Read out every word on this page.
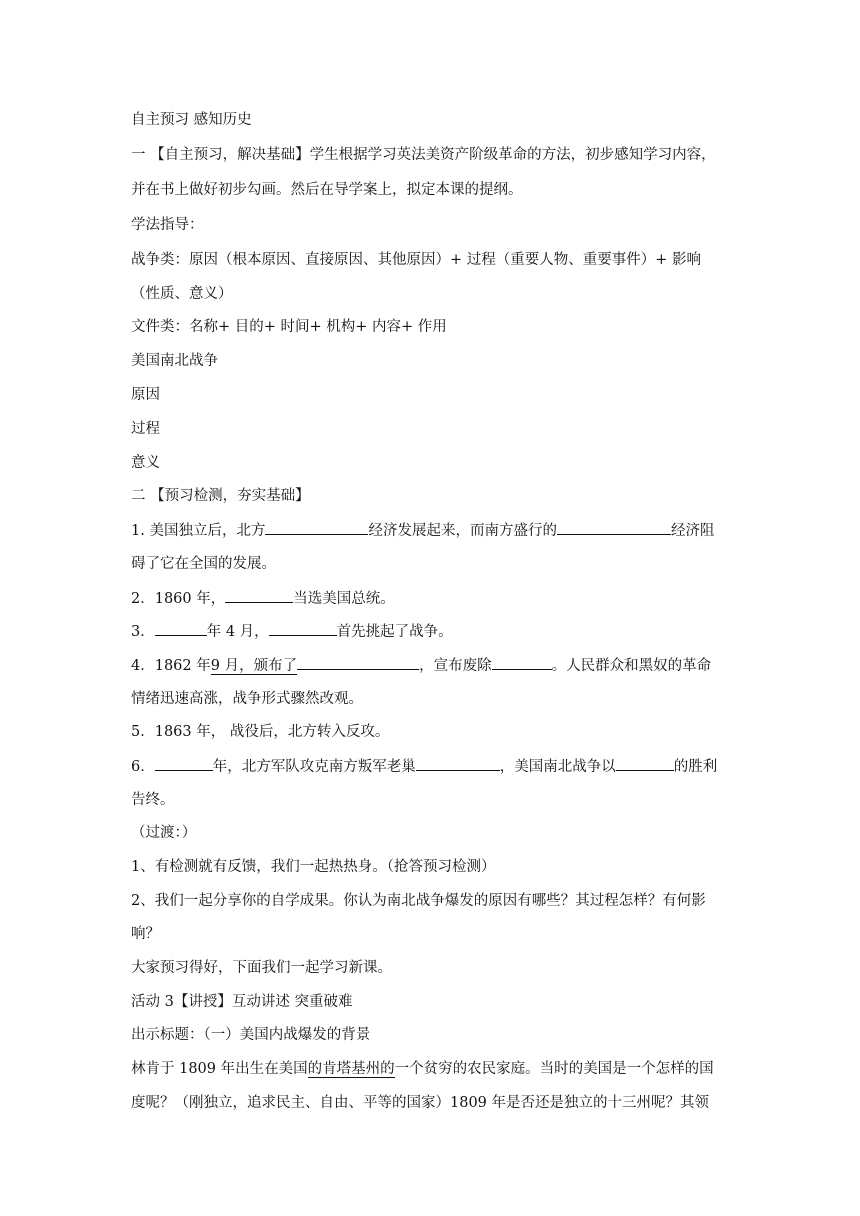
自主预习 感知历史
一 【自主预习，解决基础】学生根据学习英法美资产阶级革命的方法，初步感知学习内容，
并在书上做好初步勾画。然后在导学案上，拟定本课的提纲。
学法指导：
战争类：原因（根本原因、直接原因、其他原因）+ 过程（重要人物、重要事件）+ 影响
（性质、意义）
文件类：名称+ 目的+ 时间+ 机构+ 内容+ 作用
美国南北战争
原因
过程
意义
二 【预习检测，夯实基础】
1. 美国独立后，北方	经济发展起来，而南方盛行的	经济阻
碍了它在全国的发展。
2．1860 年，	当选美国总统。
3．	年 4 月，	首先挑起了战争。
4．1862 年9 月，颁布了	，宣布废除	。人民群众和黑奴的革命
情绪迅速高涨，战争形式骤然改观。
5．1863 年， 战役后，北方转入反攻。
6．	年，北方军队攻克南方叛军老巢	，美国南北战争以	的胜利
告终。
（过渡：）
1、有检测就有反馈，我们一起热热身。（抢答预习检测）
2、我们一起分享你的自学成果。你认为南北战争爆发的原因有哪些？其过程怎样？有何影
响？
大家预习得好，下面我们一起学习新课。
活动 3【讲授】互动讲述 突重破难
出示标题：（一）美国内战爆发的背景
林肯于 1809 年出生在美国的肯塔基州的一个贫穷的农民家庭。当时的美国是一个怎样的国
度呢？（刚独立，追求民主、自由、平等的国家）1809 年是否还是独立的十三州呢？其领
